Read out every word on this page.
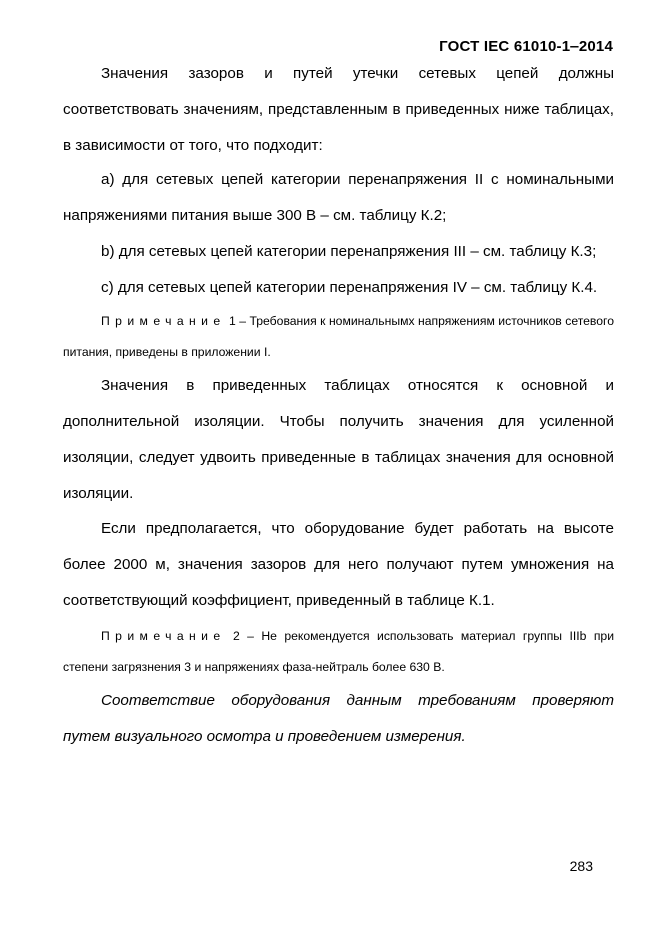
ГОСТ IEC 61010-1‒2014

Значения зазоров и путей утечки сетевых цепей должны соответствовать значениям, представленным в приведенных ниже таблицах, в зависимости от того, что подходит:

a) для сетевых цепей категории перенапряжения II с номинальными напряжениями питания выше 300 В – см. таблицу К.2;

b) для сетевых цепей категории перенапряжения III – см. таблицу К.3;

c) для сетевых цепей категории перенапряжения IV – см. таблицу К.4.

Примечание 1 – Требования к номинальнымх напряжениям источников сетевого питания, приведены в приложении I.

Значения в приведенных таблицах относятся к основной и дополнительной изоляции. Чтобы получить значения для усиленной изоляции, следует удвоить приведенные в таблицах значения для основной изоляции.

Если предполагается, что оборудование будет работать на высоте более 2000 м, значения зазоров для него получают путем умножения на соответствующий коэффициент, приведенный в таблице К.1.

Примечание 2 – Не рекомендуется использовать материал группы IIIb при степени загрязнения 3 и напряжениях фаза-нейтраль более 630 В.

Соответствие оборудования данным требованиям проверяют путем визуального осмотра и проведением измерения.

283
